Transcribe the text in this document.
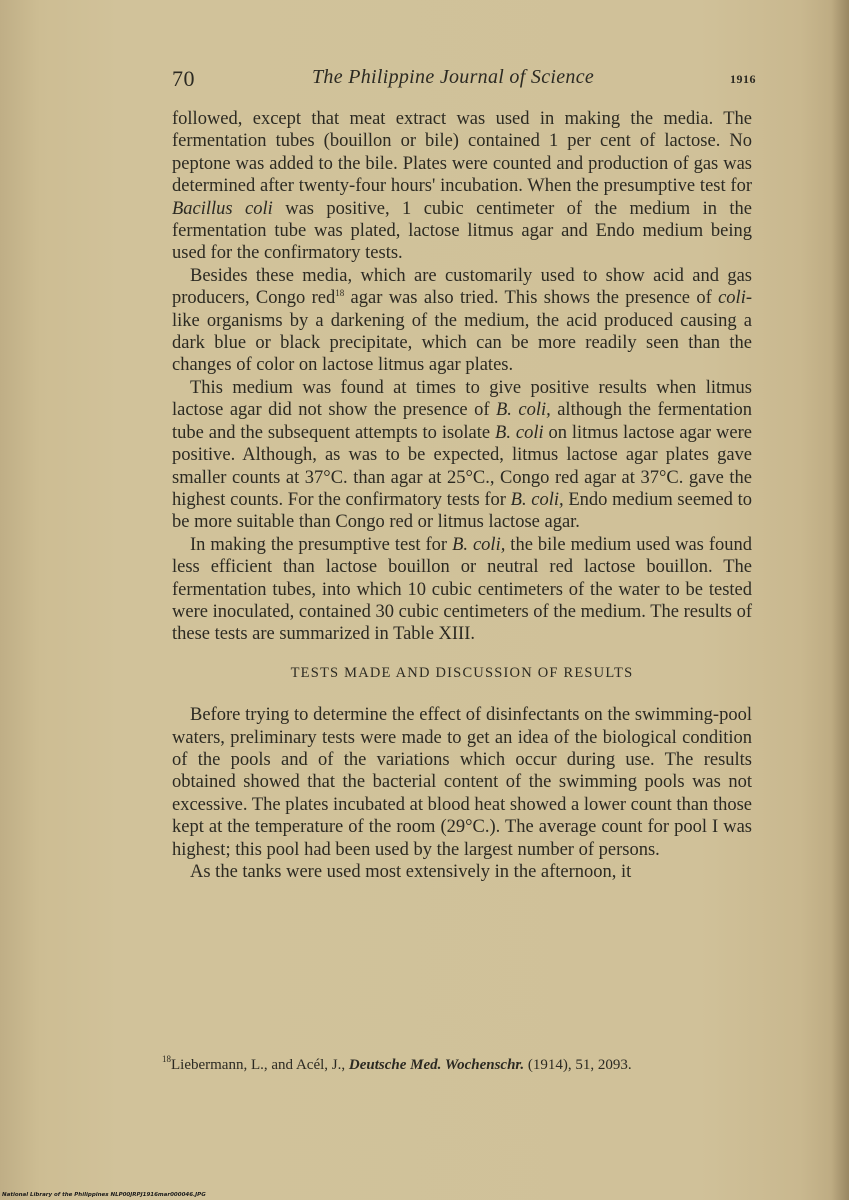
70	The Philippine Journal of Science	1916

followed, except that meat extract was used in making the media. The fermentation tubes (bouillon or bile) contained 1 per cent of lactose. No peptone was added to the bile. Plates were counted and production of gas was determined after twenty-four hours' incubation. When the presumptive test for Bacillus coli was positive, 1 cubic centimeter of the medium in the fermentation tube was plated, lactose litmus agar and Endo medium being used for the confirmatory tests.

Besides these media, which are customarily used to show acid and gas producers, Congo red$^{18}$ agar was also tried. This shows the presence of coli-like organisms by a darkening of the medium, the acid produced causing a dark blue or black precipitate, which can be more readily seen than the changes of color on lactose litmus agar plates.

This medium was found at times to give positive results when litmus lactose agar did not show the presence of B. coli, although the fermentation tube and the subsequent attempts to isolate B. coli on litmus lactose agar were positive. Although, as was to be expected, litmus lactose agar plates gave smaller counts at 37°C. than agar at 25°C., Congo red agar at 37°C. gave the highest counts. For the confirmatory tests for B. coli, Endo medium seemed to be more suitable than Congo red or litmus lactose agar.

In making the presumptive test for B. coli, the bile medium used was found less efficient than lactose bouillon or neutral red lactose bouillon. The fermentation tubes, into which 10 cubic centimeters of the water to be tested were inoculated, contained 30 cubic centimeters of the medium. The results of these tests are summarized in Table XIII.

TESTS MADE AND DISCUSSION OF RESULTS

Before trying to determine the effect of disinfectants on the swimming-pool waters, preliminary tests were made to get an idea of the biological condition of the pools and of the variations which occur during use. The results obtained showed that the bacterial content of the swimming pools was not excessive. The plates incubated at blood heat showed a lower count than those kept at the temperature of the room (29°C.). The average count for pool I was highest; this pool had been used by the largest number of persons.

As the tanks were used most extensively in the afternoon, it

$^{18}$Liebermann, L., and Acél, J., Deutsche Med. Wochenschr. (1914), 51, 2093.
National Library of the Philippines NLP00JRPJ1916mar000046.JPG
